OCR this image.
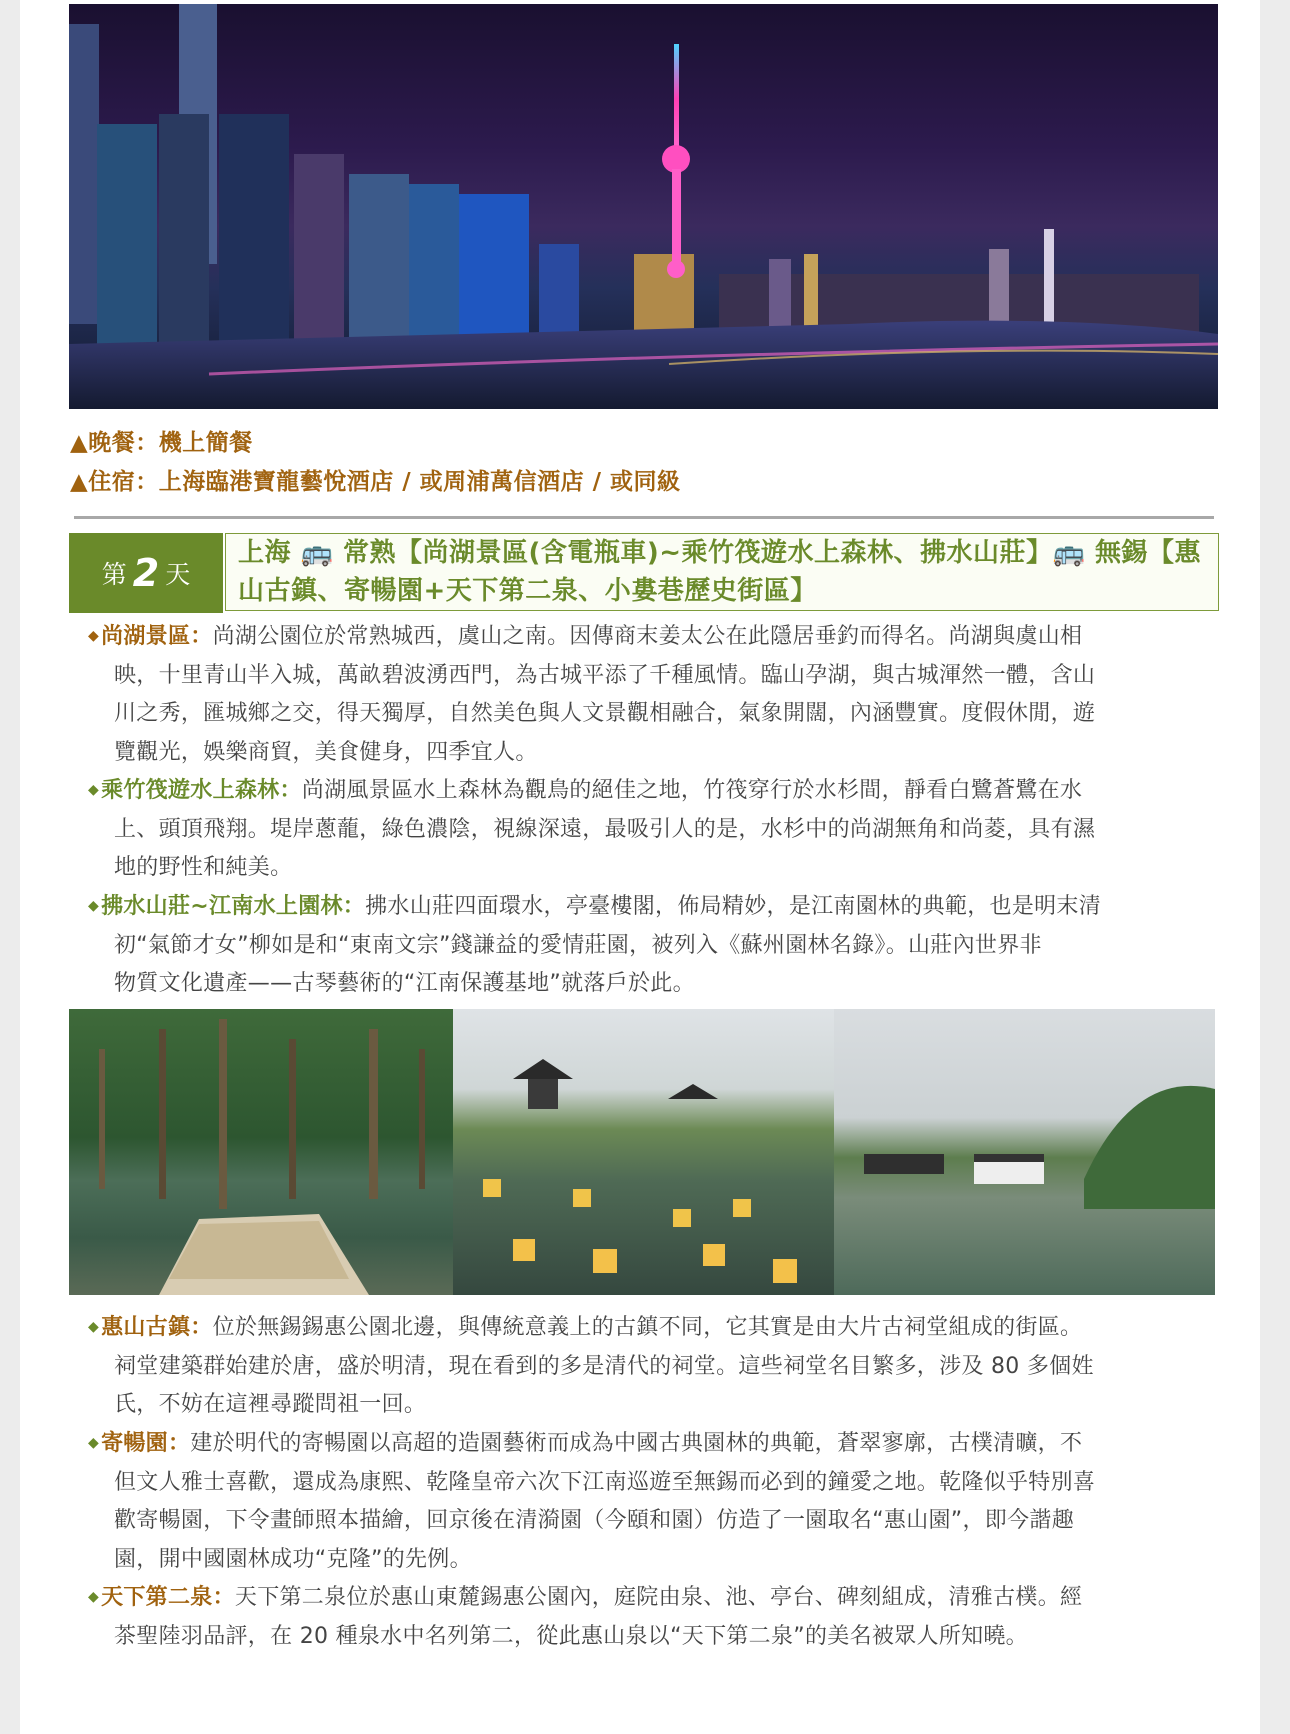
▲晚餐：機上簡餐
▲住宿：上海臨港寶龍藝悅酒店 / 或周浦萬信酒店 / 或同級
第 2 天
上海 🚌 常熟【尚湖景區(含電瓶車)~乘竹筏遊水上森林、拂水山莊】🚌 無錫【惠
山古鎮、寄暢園+天下第二泉、小婁巷歷史街區】
◆尚湖景區：尚湖公園位於常熟城西，虞山之南。因傳商末姜太公在此隱居垂釣而得名。尚湖與虞山相
映，十里青山半入城，萬畝碧波湧西門，為古城平添了千種風情。臨山孕湖，與古城渾然一體，含山
川之秀，匯城鄉之交，得天獨厚，自然美色與人文景觀相融合，氣象開闊，內涵豐實。度假休閒，遊
覽觀光，娛樂商貿，美食健身，四季宜人。
◆乘竹筏遊水上森林：尚湖風景區水上森林為觀鳥的絕佳之地，竹筏穿行於水杉間，靜看白鷺蒼鷺在水
上、頭頂飛翔。堤岸蔥蘢，綠色濃陰，視線深遠，最吸引人的是，水杉中的尚湖無角和尚菱，具有濕
地的野性和純美。
◆拂水山莊~江南水上園林：拂水山莊四面環水，亭臺樓閣，佈局精妙，是江南園林的典範，也是明末清
初“氣節才女”柳如是和“東南文宗”錢謙益的愛情莊園，被列入《蘇州園林名錄》。山莊內世界非
物質文化遺產——古琴藝術的“江南保護基地”就落戶於此。
◆惠山古鎮：位於無錫錫惠公園北邊，與傳統意義上的古鎮不同，它其實是由大片古祠堂組成的街區。
祠堂建築群始建於唐，盛於明清，現在看到的多是清代的祠堂。這些祠堂名目繁多，涉及 80 多個姓
氏，不妨在這裡尋蹤問祖一回。
◆寄暢園：建於明代的寄暢園以高超的造園藝術而成為中國古典園林的典範，蒼翠寥廓，古樸清曠，不
但文人雅士喜歡，還成為康熙、乾隆皇帝六次下江南巡遊至無錫而必到的鐘愛之地。乾隆似乎特別喜
歡寄暢園，下令畫師照本描繪，回京後在清漪園（今頤和園）仿造了一園取名“惠山園”，即今諧趣
園，開中國園林成功“克隆”的先例。
◆天下第二泉：天下第二泉位於惠山東麓錫惠公園內，庭院由泉、池、亭台、碑刻組成，清雅古樸。經
茶聖陸羽品評，在 20 種泉水中名列第二，從此惠山泉以“天下第二泉”的美名被眾人所知曉。
